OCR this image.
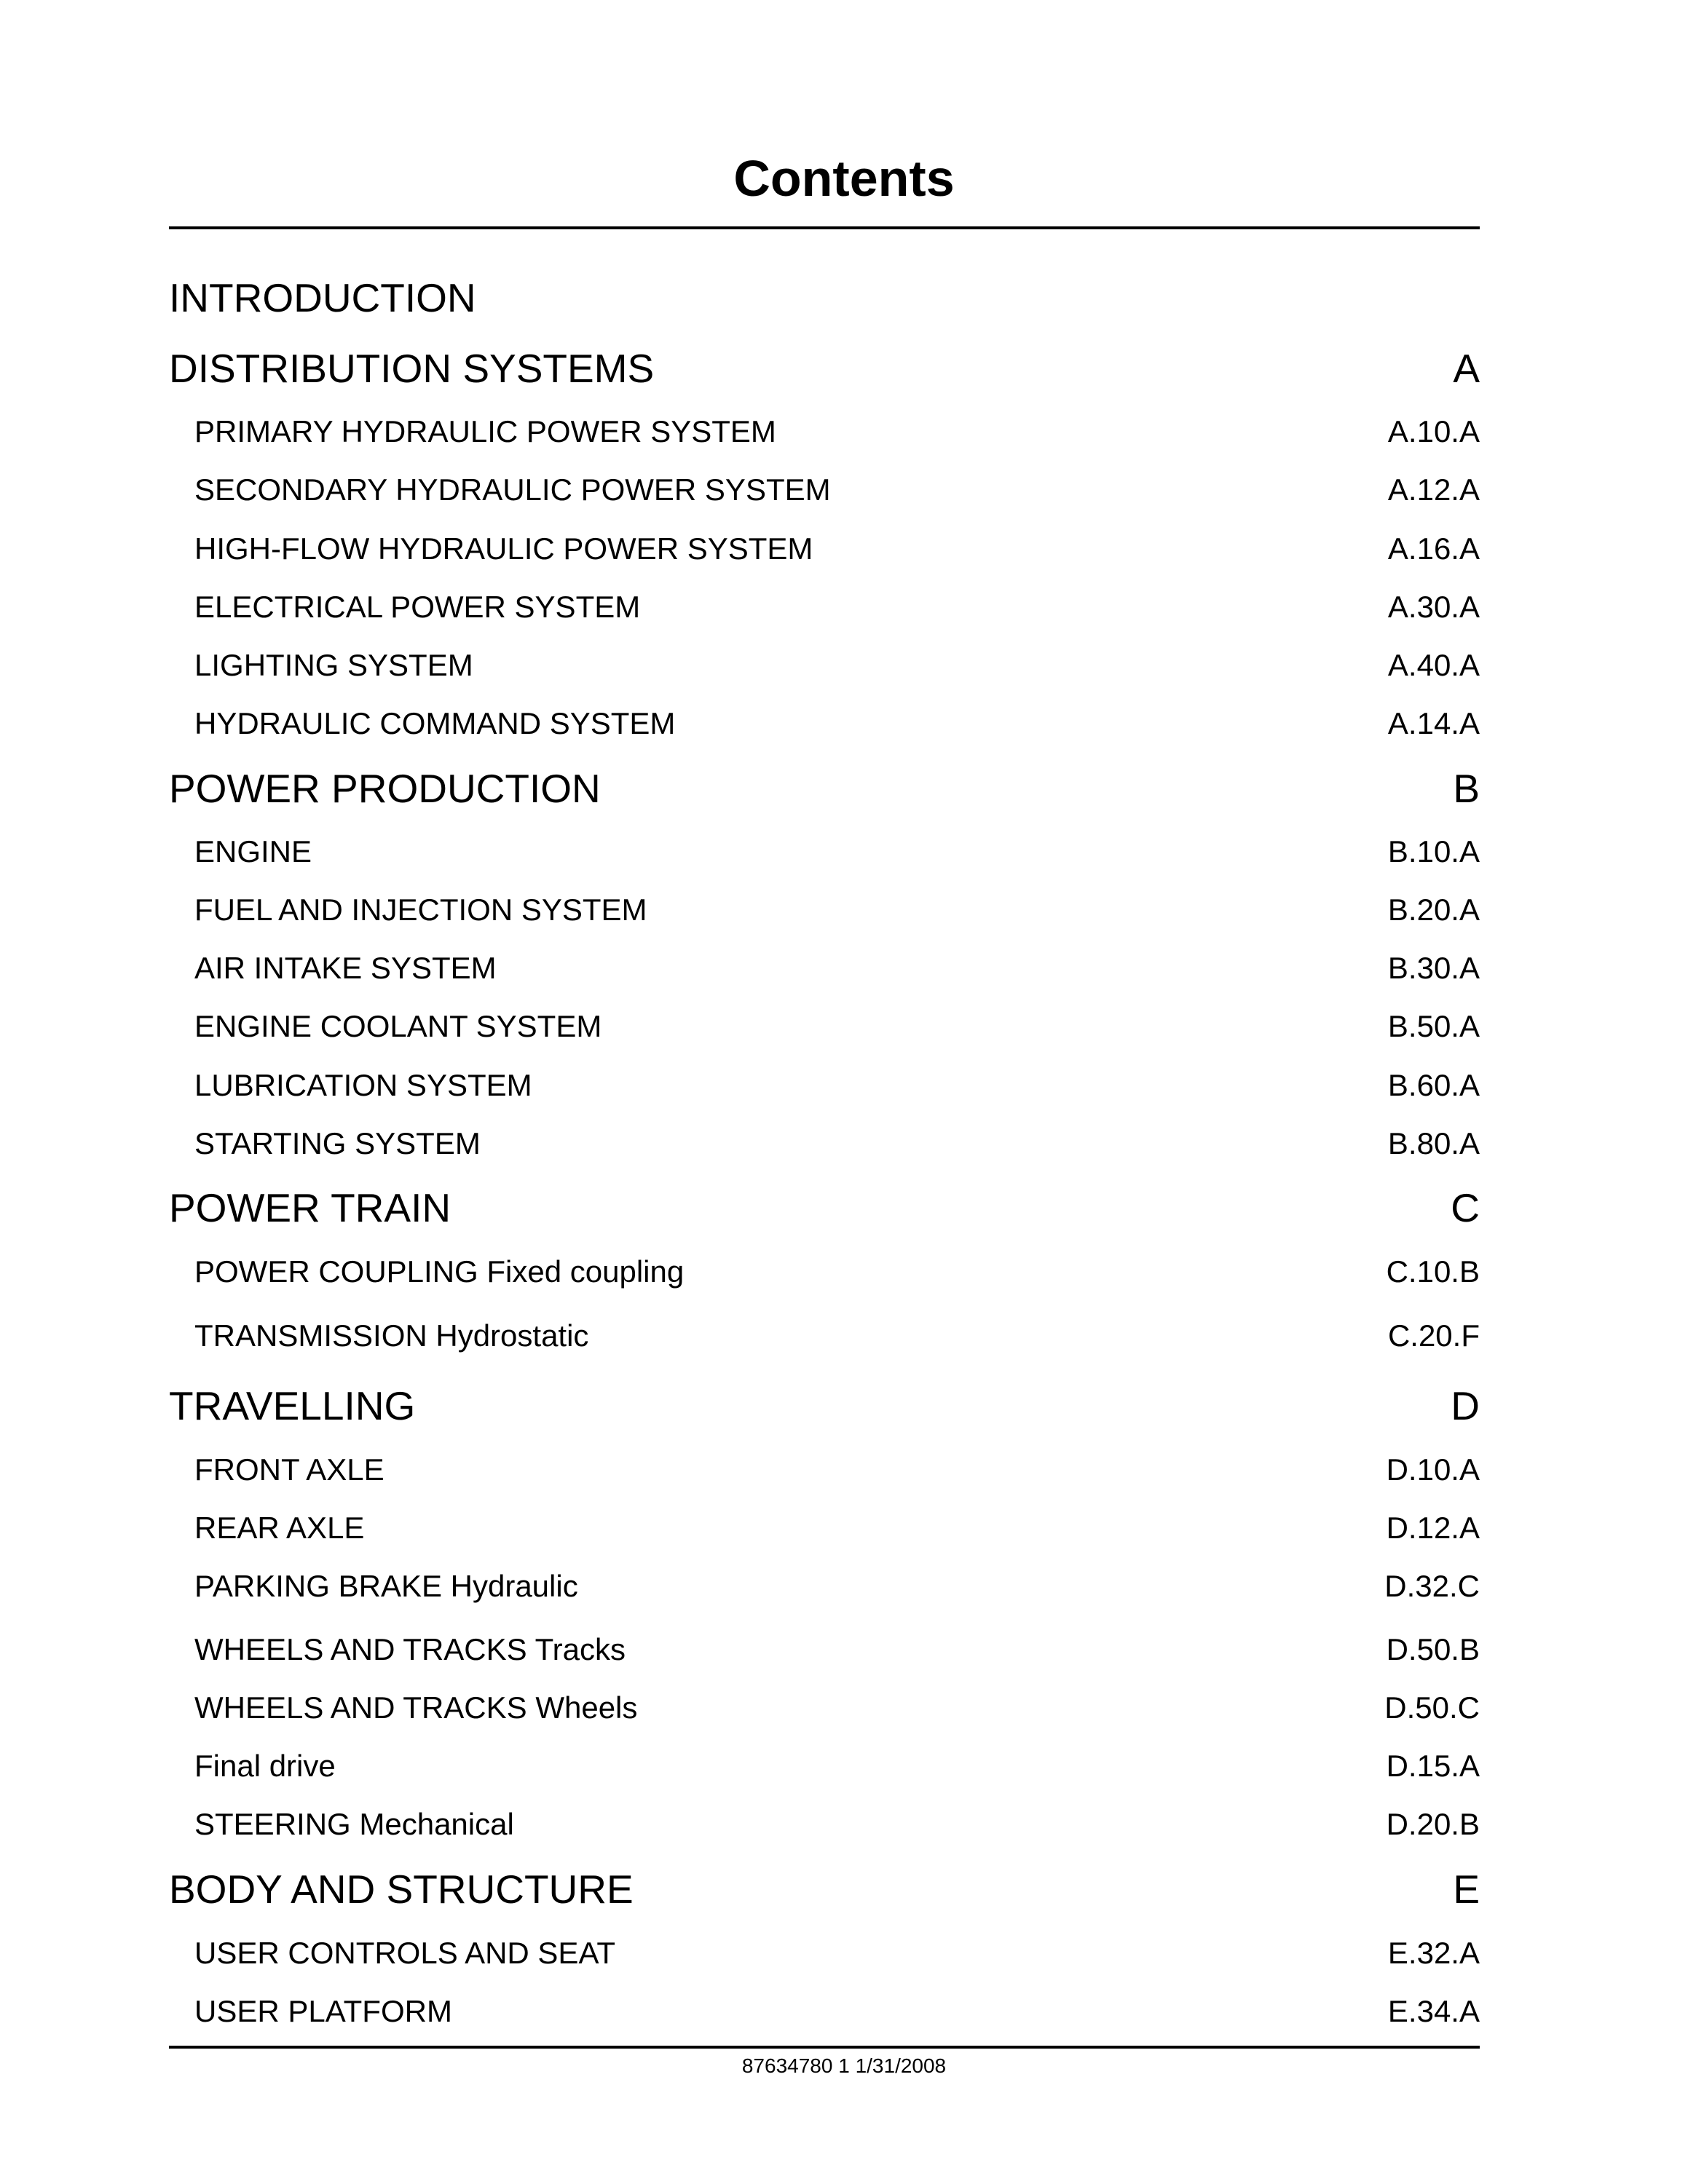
Contents
INTRODUCTION
DISTRIBUTION SYSTEMS	A
PRIMARY HYDRAULIC POWER SYSTEM	A.10.A
SECONDARY HYDRAULIC POWER SYSTEM	A.12.A
HIGH-FLOW HYDRAULIC POWER SYSTEM	A.16.A
ELECTRICAL POWER SYSTEM	A.30.A
LIGHTING SYSTEM	A.40.A
HYDRAULIC COMMAND SYSTEM	A.14.A
POWER PRODUCTION	B
ENGINE	B.10.A
FUEL AND INJECTION SYSTEM	B.20.A
AIR INTAKE SYSTEM	B.30.A
ENGINE COOLANT SYSTEM	B.50.A
LUBRICATION SYSTEM	B.60.A
STARTING SYSTEM	B.80.A
POWER TRAIN	C
POWER COUPLING Fixed coupling	C.10.B
TRANSMISSION Hydrostatic	C.20.F
TRAVELLING	D
FRONT AXLE	D.10.A
REAR AXLE	D.12.A
PARKING BRAKE Hydraulic	D.32.C
WHEELS AND TRACKS Tracks	D.50.B
WHEELS AND TRACKS Wheels	D.50.C
Final drive	D.15.A
STEERING Mechanical	D.20.B
BODY AND STRUCTURE	E
USER CONTROLS AND SEAT	E.32.A
USER PLATFORM	E.34.A
87634780 1 1/31/2008
